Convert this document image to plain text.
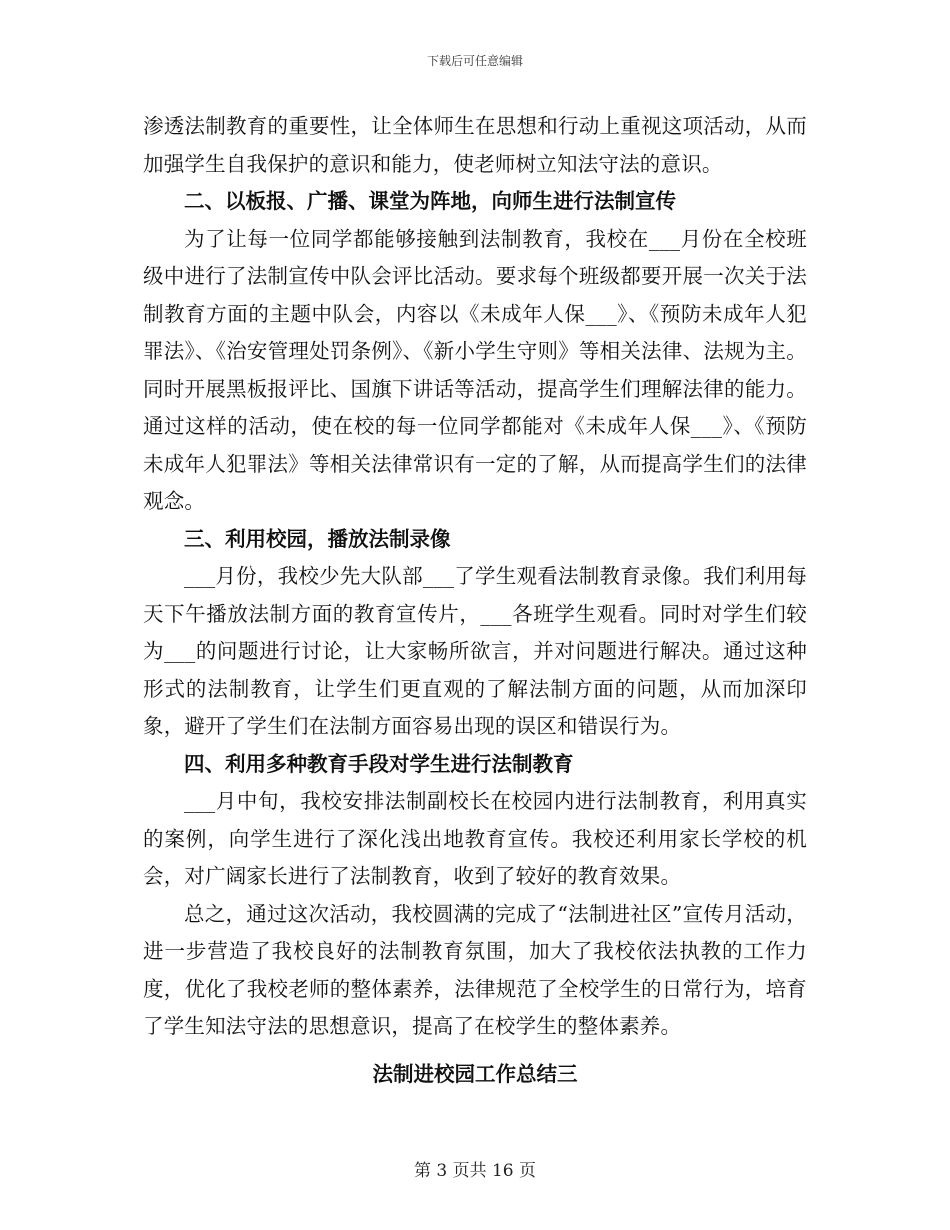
下载后可任意编辑

渗透法制教育的重要性，让全体师生在思想和行动上重视这项活动，从而加强学生自我保护的意识和能力，使老师树立知法守法的意识。

二、以板报、广播、课堂为阵地，向师生进行法制宣传

为了让每一位同学都能够接触到法制教育，我校在___月份在全校班级中进行了法制宣传中队会评比活动。要求每个班级都要开展一次关于法制教育方面的主题中队会，内容以《未成年人保___》、《预防未成年人犯罪法》、《治安管理处罚条例》、《新小学生守则》等相关法律、法规为主。同时开展黑板报评比、国旗下讲话等活动，提高学生们理解法律的能力。通过这样的活动，使在校的每一位同学都能对《未成年人保___》、《预防未成年人犯罪法》等相关法律常识有一定的了解，从而提高学生们的法律观念。

三、利用校园，播放法制录像

___月份，我校少先大队部___了学生观看法制教育录像。我们利用每天下午播放法制方面的教育宣传片，___各班学生观看。同时对学生们较为___的问题进行讨论，让大家畅所欲言，并对问题进行解决。通过这种形式的法制教育，让学生们更直观的了解法制方面的问题，从而加深印象，避开了学生们在法制方面容易出现的误区和错误行为。

四、利用多种教育手段对学生进行法制教育

___月中旬，我校安排法制副校长在校园内进行法制教育，利用真实的案例，向学生进行了深化浅出地教育宣传。我校还利用家长学校的机会，对广阔家长进行了法制教育，收到了较好的教育效果。

总之，通过这次活动，我校圆满的完成了“法制进社区”宣传月活动，进一步营造了我校良好的法制教育氛围，加大了我校依法执教的工作力度，优化了我校老师的整体素养，法律规范了全校学生的日常行为，培育了学生知法守法的思想意识，提高了在校学生的整体素养。

法制进校园工作总结三

第 3 页共 16 页
